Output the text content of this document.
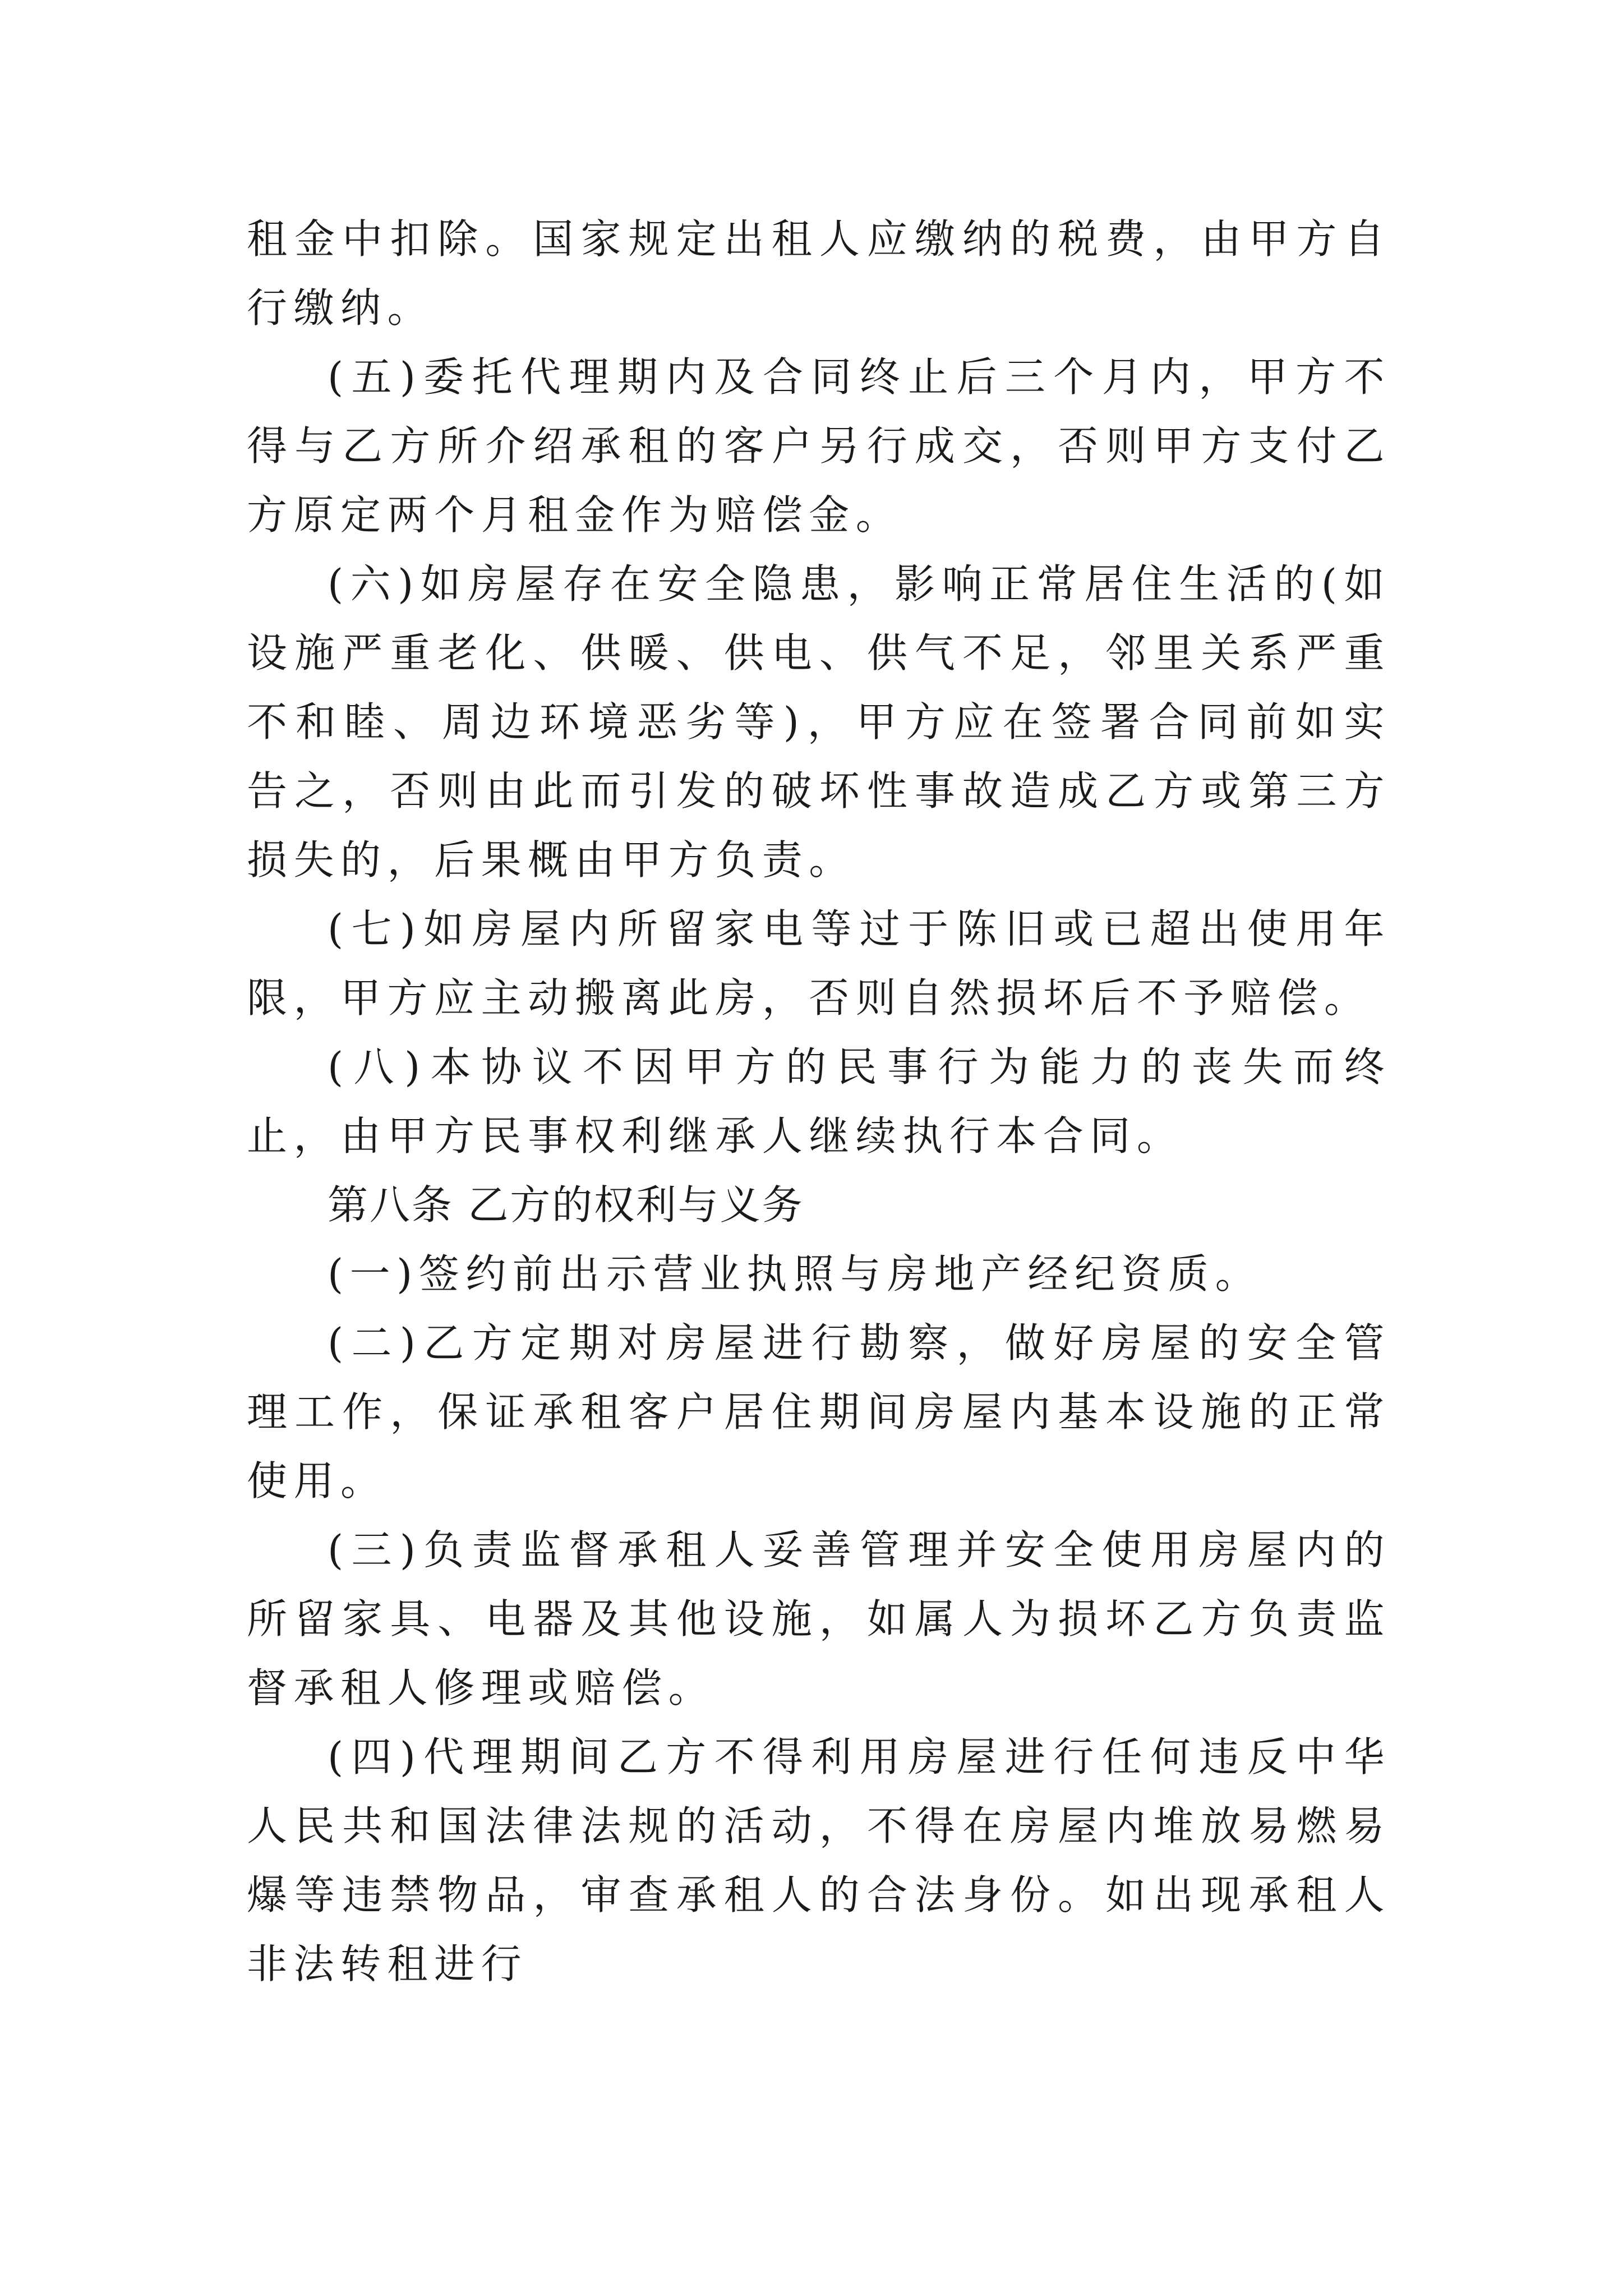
租金中扣除。国家规定出租人应缴纳的税费，由甲方自行缴纳。

(五)委托代理期内及合同终止后三个月内，甲方不得与乙方所介绍承租的客户另行成交，否则甲方支付乙方原定两个月租金作为赔偿金。

(六)如房屋存在安全隐患，影响正常居住生活的(如设施严重老化、供暖、供电、供气不足，邻里关系严重不和睦、周边环境恶劣等)，甲方应在签署合同前如实告之，否则由此而引发的破坏性事故造成乙方或第三方损失的，后果概由甲方负责。

(七)如房屋内所留家电等过于陈旧或已超出使用年限，甲方应主动搬离此房，否则自然损坏后不予赔偿。

(八)本协议不因甲方的民事行为能力的丧失而终止，由甲方民事权利继承人继续执行本合同。

第八条 乙方的权利与义务

(一)签约前出示营业执照与房地产经纪资质。

(二)乙方定期对房屋进行勘察，做好房屋的安全管理工作，保证承租客户居住期间房屋内基本设施的正常使用。

(三)负责监督承租人妥善管理并安全使用房屋内的所留家具、电器及其他设施，如属人为损坏乙方负责监督承租人修理或赔偿。

(四)代理期间乙方不得利用房屋进行任何违反中华人民共和国法律法规的活动，不得在房屋内堆放易燃易爆等违禁物品，审查承租人的合法身份。如出现承租人非法转租进行
